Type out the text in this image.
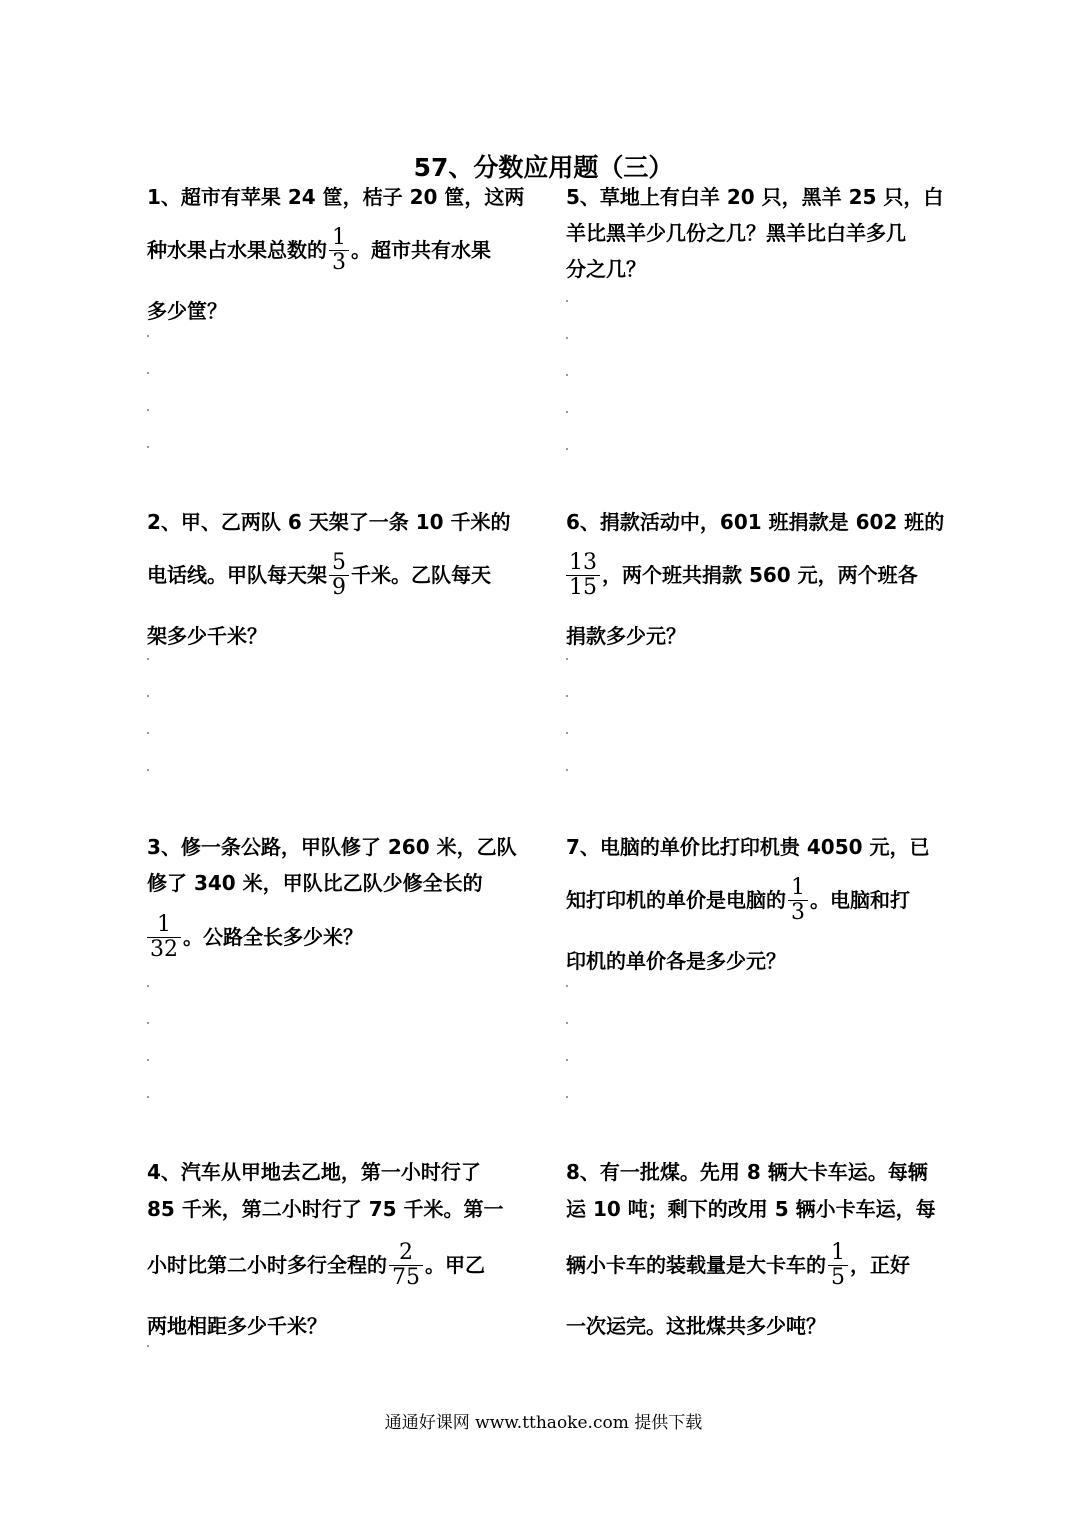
57、分数应用题（三）
1、超市有苹果 24 筐，桔子 20 筐，这两
种水果占水果总数的 $\frac{1}{3}$ 。超市共有水果
多少筐？
5、草地上有白羊 20 只，黑羊 25 只，白
羊比黑羊少几份之几？黑羊比白羊多几
分之几？
2、甲、乙两队 6 天架了一条 10 千米的
电话线。甲队每天架 $\frac{5}{9}$ 千米。乙队每天
架多少千米？
6、捐款活动中，601 班捐款是 602 班的
$\frac{13}{15}$ ，两个班共捐款 560 元，两个班各
捐款多少元？
3、修一条公路，甲队修了 260 米，乙队
修了 340 米，甲队比乙队少修全长的
$\frac{1}{32}$ 。公路全长多少米？
7、电脑的单价比打印机贵 4050 元，已
知打印机的单价是电脑的 $\frac{1}{3}$ 。电脑和打
印机的单价各是多少元？
4、汽车从甲地去乙地，第一小时行了
85 千米，第二小时行了 75 千米。第一
小时比第二小时多行全程的 $\frac{2}{75}$ 。甲乙
两地相距多少千米？
8、有一批煤。先用 8 辆大卡车运。每辆
运 10 吨；剩下的改用 5 辆小卡车运，每
辆小卡车的装载量是大卡车的 $\frac{1}{5}$ ，正好
一次运完。这批煤共多少吨？
通通好课网 www.tthaoke.com 提供下载
